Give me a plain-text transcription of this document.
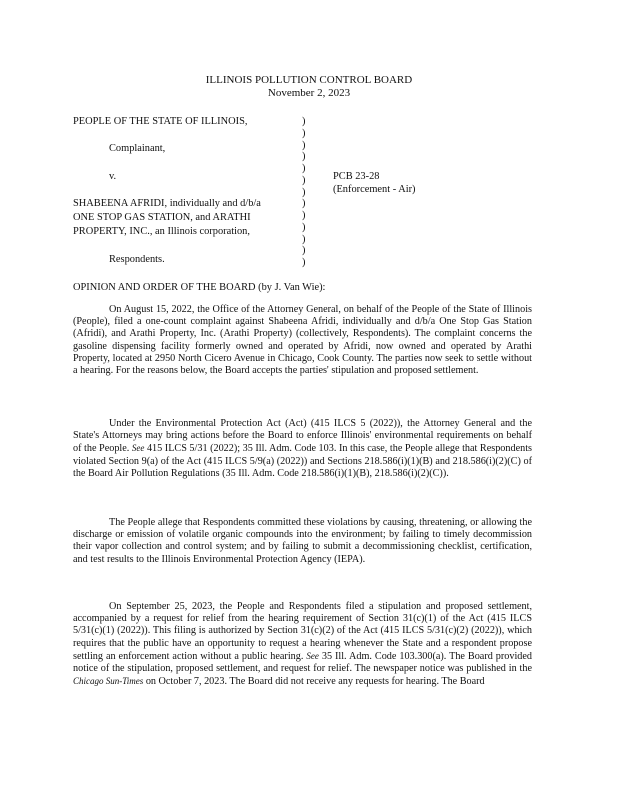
ILLINOIS POLLUTION CONTROL BOARD
November 2, 2023
PEOPLE OF THE STATE OF ILLINOIS,
Complainant,
v.
SHABEENA AFRIDI, individually and d/b/a
ONE STOP GAS STATION, and ARATHI
PROPERTY, INC., an Illinois corporation,
Respondents.
)
)
)
)
)
)
)
)
)
)
)
)
)
PCB 23-28
(Enforcement - Air)
OPINION AND ORDER OF THE BOARD (by J. Van Wie):

On August 15, 2022, the Office of the Attorney General, on behalf of the People of the State of Illinois (People), filed a one-count complaint against Shabeena Afridi, individually and d/b/a One Stop Gas Station (Afridi), and Arathi Property, Inc. (Arathi Property) (collectively, Respondents). The complaint concerns the gasoline dispensing facility formerly owned and operated by Afridi, now owned and operated by Arathi Property, located at 2950 North Cicero Avenue in Chicago, Cook County. The parties now seek to settle without a hearing. For the reasons below, the Board accepts the parties' stipulation and proposed settlement.

Under the Environmental Protection Act (Act) (415 ILCS 5 (2022)), the Attorney General and the State's Attorneys may bring actions before the Board to enforce Illinois' environmental requirements on behalf of the People. See 415 ILCS 5/31 (2022); 35 Ill. Adm. Code 103. In this case, the People allege that Respondents violated Section 9(a) of the Act (415 ILCS 5/9(a) (2022)) and Sections 218.586(i)(1)(B) and 218.586(i)(2)(C) of the Board Air Pollution Regulations (35 Ill. Adm. Code 218.586(i)(1)(B), 218.586(i)(2)(C)).

The People allege that Respondents committed these violations by causing, threatening, or allowing the discharge or emission of volatile organic compounds into the environment; by failing to timely decommission their vapor collection and control system; and by failing to submit a decommissioning checklist, certification, and test results to the Illinois Environmental Protection Agency (IEPA).

On September 25, 2023, the People and Respondents filed a stipulation and proposed settlement, accompanied by a request for relief from the hearing requirement of Section 31(c)(1) of the Act (415 ILCS 5/31(c)(1) (2022)). This filing is authorized by Section 31(c)(2) of the Act (415 ILCS 5/31(c)(2) (2022)), which requires that the public have an opportunity to request a hearing whenever the State and a respondent propose settling an enforcement action without a public hearing. See 35 Ill. Adm. Code 103.300(a). The Board provided notice of the stipulation, proposed settlement, and request for relief. The newspaper notice was published in the Chicago Sun-Times on October 7, 2023. The Board did not receive any requests for hearing. The Board
